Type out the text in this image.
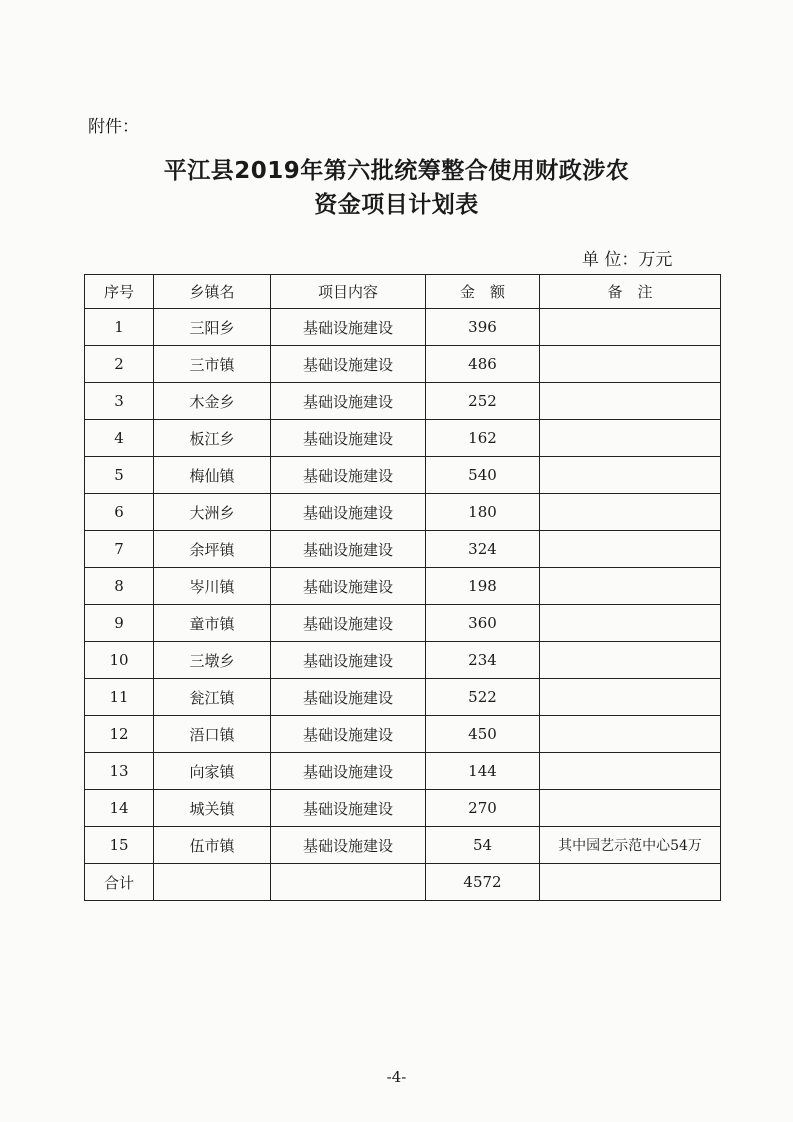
附件：
平江县2019年第六批统筹整合使用财政涉农
资金项目计划表
单 位：万元
序号	乡镇名	项目内容	金　额	备　注
1	三阳乡	基础设施建设	396	
2	三市镇	基础设施建设	486	
3	木金乡	基础设施建设	252	
4	板江乡	基础设施建设	162	
5	梅仙镇	基础设施建设	540	
6	大洲乡	基础设施建设	180	
7	余坪镇	基础设施建设	324	
8	岑川镇	基础设施建设	198	
9	童市镇	基础设施建设	360	
10	三墩乡	基础设施建设	234	
11	瓮江镇	基础设施建设	522	
12	浯口镇	基础设施建设	450	
13	向家镇	基础设施建设	144	
14	城关镇	基础设施建设	270	
15	伍市镇	基础设施建设	54	其中园艺示范中心54万
合计			4572	
-4-
